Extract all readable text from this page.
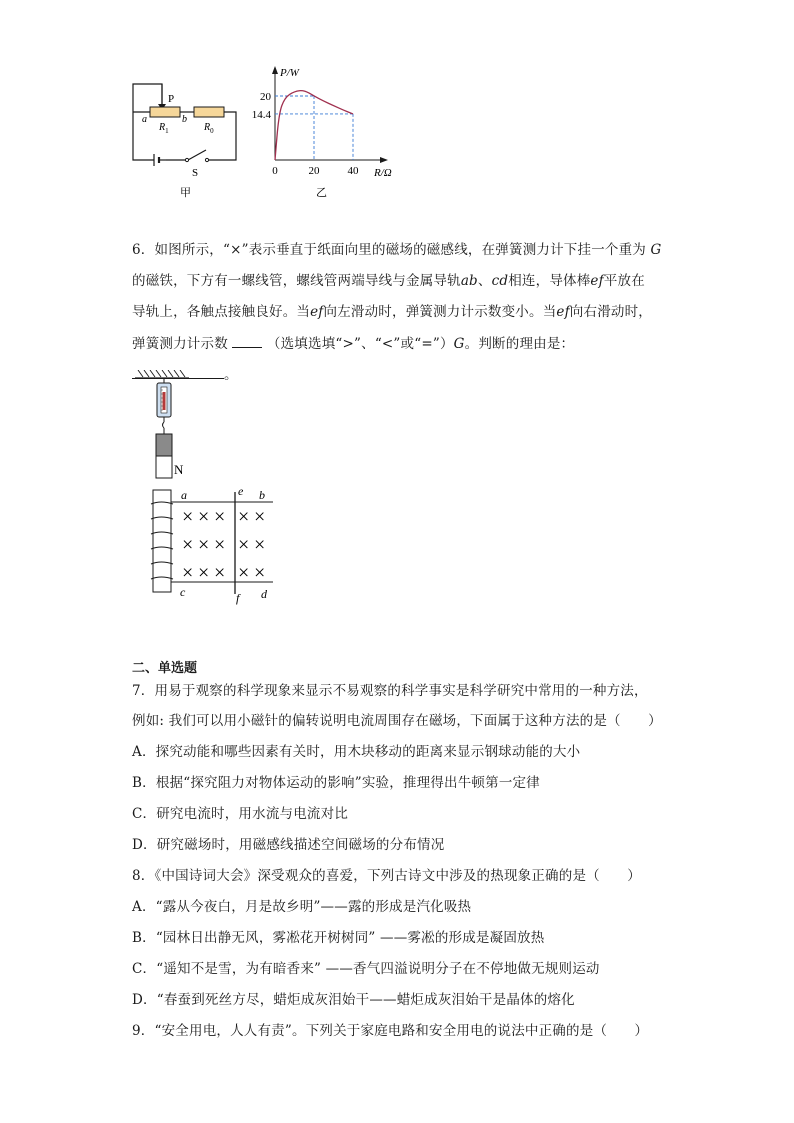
P
a	b
$R_1$	$R_0$
S
甲
20
14.4
0	20	40
P/W
R/Ω
乙
6．如图所示，“×”表示垂直于纸面向里的磁场的磁感线，在弹簧测力计下挂一个重为 G
的磁铁，下方有一螺线管，螺线管两端导线与金属导轨ab、cd相连，导体棒ef平放在
导轨上，各触点接触良好。当ef向左滑动时，弹簧测力计示数变小。当ef向右滑动时，
弹簧测力计示数	（选填选填“>”、“<”或“=”）G。判断的理由是：
。
N
× × × × ×
× × × × ×
× × × × ×
a	e b
c	f d
二、单选题
7．用易于观察的科学现象来显示不易观察的科学事实是科学研究中常用的一种方法，
例如: 我们可以用小磁针的偏转说明电流周围存在磁场，下面属于这种方法的是（　　）
A．探究动能和哪些因素有关时，用木块移动的距离来显示钢球动能的大小
B．根据“探究阻力对物体运动的影响”实验，推理得出牛顿第一定律
C．研究电流时，用水流与电流对比
D．研究磁场时，用磁感线描述空间磁场的分布情况
8．《中国诗词大会》深受观众的喜爱，下列古诗文中涉及的热现象正确的是（　　）
A．“露从今夜白，月是故乡明”——露的形成是汽化吸热
B．“园林日出静无风，雾凇花开树树同” ——雾凇的形成是凝固放热
C．“遥知不是雪，为有暗香来” ——香气四溢说明分子在不停地做无规则运动
D．“春蚕到死丝方尽，蜡炬成灰泪始干——蜡炬成灰泪始干是晶体的熔化
9．“安全用电，人人有责”。下列关于家庭电路和安全用电的说法中正确的是（　　）
